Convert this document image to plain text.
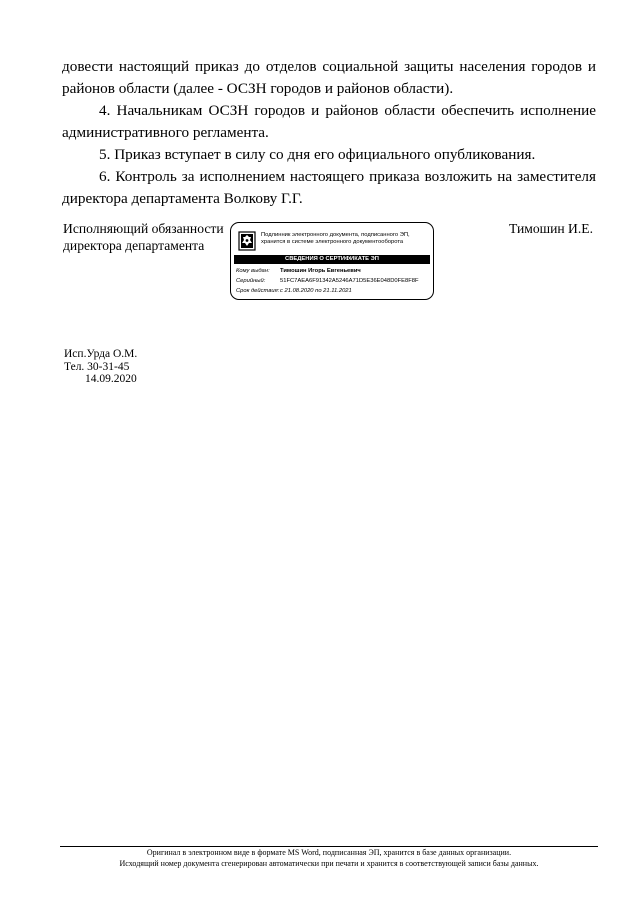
довести настоящий приказ до отделов социальной защиты населения городов и районов области (далее - ОСЗН городов и районов области).

4. Начальникам ОСЗН городов и районов области обеспечить исполнение административного регламента.

5. Приказ вступает в силу со дня его официального опубликования.

6. Контроль за исполнением настоящего приказа возложить на заместителя директора департамента Волкову Г.Г.

Исполняющий обязанности
директора департамента
Подлинник электронного документа, подписанного ЭП,
хранится в системе электронного документооборота
СВЕДЕНИЯ О СЕРТИФИКАТЕ ЭП
Кому выдан: Тимошин Игорь Евгеньевич
Серийный:	51FC7AEA6F91342A5246A71D5E36E048D0FE8F8F
Срок действия:с 21.08.2020 по 21.11.2021
Тимошин И.Е.
Исп.Урда О.М.
Тел. 30-31-45
14.09.2020
Оригинал в электронном виде в формате MS Word, подписанная ЭП, хранится в базе данных организации.
Исходящий номер документа сгенерирован автоматически при печати и хранится в соответствующей записи базы данных.
